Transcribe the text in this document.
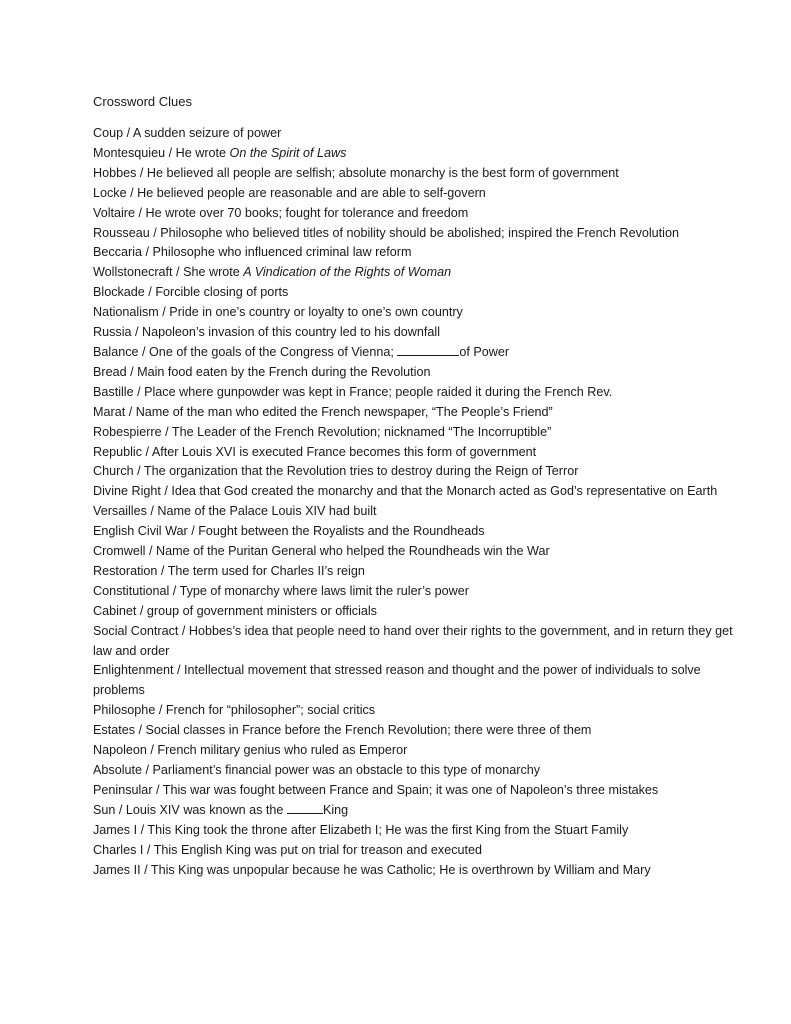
Crossword Clues
Coup / A sudden seizure of power
Montesquieu / He wrote On the Spirit of Laws
Hobbes / He believed all people are selfish; absolute monarchy is the best form of government
Locke / He believed people are reasonable and are able to self-govern
Voltaire / He wrote over 70 books; fought for tolerance and freedom
Rousseau / Philosophe who believed titles of nobility should be abolished; inspired the French Revolution
Beccaria / Philosophe who influenced criminal law reform
Wollstonecraft / She wrote A Vindication of the Rights of Woman
Blockade / Forcible closing of ports
Nationalism / Pride in one’s country or loyalty to one’s own country
Russia / Napoleon’s invasion of this country led to his downfall
Balance / One of the goals of the Congress of Vienna;	of Power
Bread / Main food eaten by the French during the Revolution
Bastille / Place where gunpowder was kept in France; people raided it during the French Rev.
Marat / Name of the man who edited the French newspaper, “The People’s Friend”
Robespierre / The Leader of the French Revolution; nicknamed “The Incorruptible”
Republic / After Louis XVI is executed France becomes this form of government
Church / The organization that the Revolution tries to destroy during the Reign of Terror
Divine Right / Idea that God created the monarchy and that the Monarch acted as God’s representative on Earth
Versailles / Name of the Palace Louis XIV had built
English Civil War / Fought between the Royalists and the Roundheads
Cromwell / Name of the Puritan General who helped the Roundheads win the War
Restoration / The term used for Charles II’s reign
Constitutional / Type of monarchy where laws limit the ruler’s power
Cabinet / group of government ministers or officials
Social Contract / Hobbes’s idea that people need to hand over their rights to the government, and in return they get law and order
Enlightenment / Intellectual movement that stressed reason and thought and the power of individuals to solve problems
Philosophe / French for “philosopher”; social critics
Estates / Social classes in France before the French Revolution; there were three of them
Napoleon / French military genius who ruled as Emperor
Absolute / Parliament’s financial power was an obstacle to this type of monarchy
Peninsular / This war was fought between France and Spain; it was one of Napoleon’s three mistakes
Sun / Louis XIV was known as the	King
James I / This King took the throne after Elizabeth I; He was the first King from the Stuart Family
Charles I / This English King was put on trial for treason and executed
James II / This King was unpopular because he was Catholic; He is overthrown by William and Mary
